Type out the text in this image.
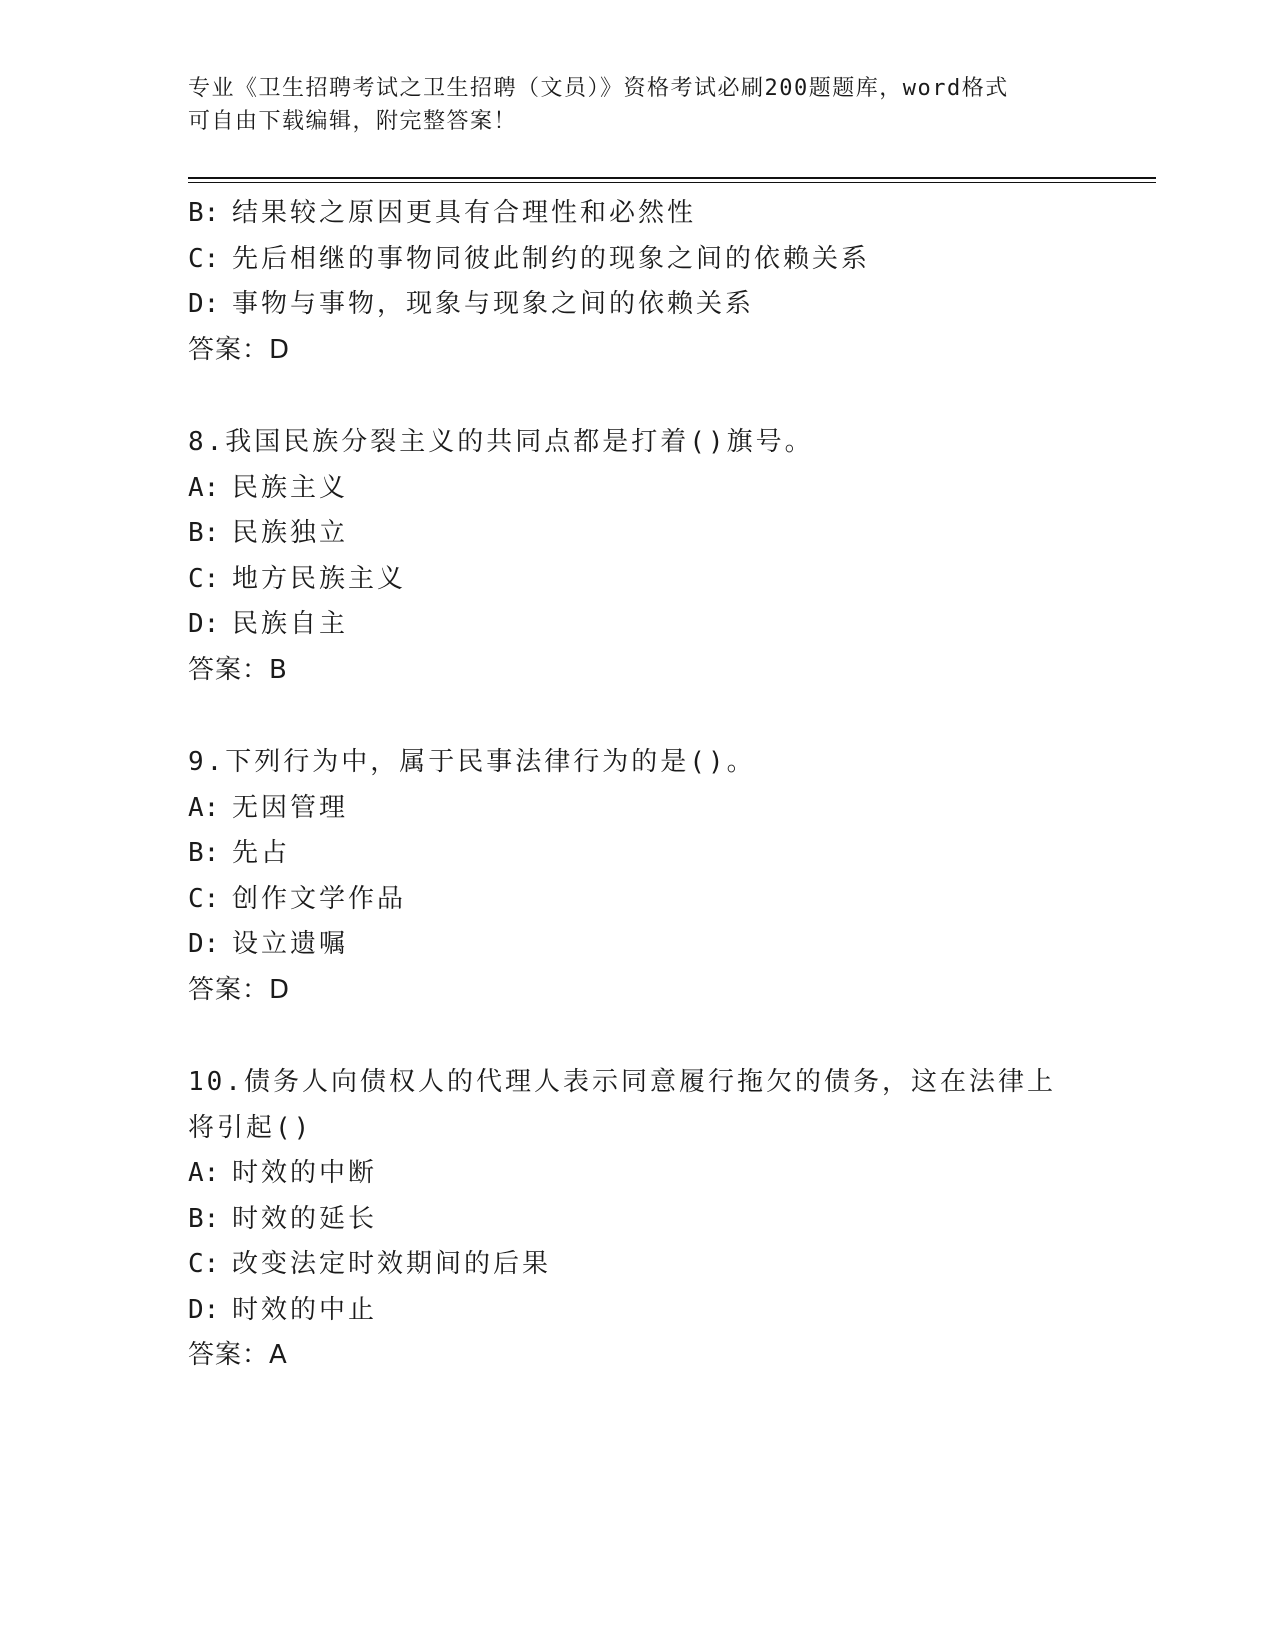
专业《卫生招聘考试之卫生招聘（文员）》资格考试必刷200题题库，word格式
可自由下载编辑，附完整答案！
B: 结果较之原因更具有合理性和必然性
C: 先后相继的事物同彼此制约的现象之间的依赖关系
D: 事物与事物，现象与现象之间的依赖关系
答案：D
8.我国民族分裂主义的共同点都是打着()旗号。
A: 民族主义
B: 民族独立
C: 地方民族主义
D: 民族自主
答案：B
9.下列行为中，属于民事法律行为的是()。
A: 无因管理
B: 先占
C: 创作文学作品
D: 设立遗嘱
答案：D
10.债务人向债权人的代理人表示同意履行拖欠的债务，这在法律上将引起()
A: 时效的中断
B: 时效的延长
C: 改变法定时效期间的后果
D: 时效的中止
答案：A
